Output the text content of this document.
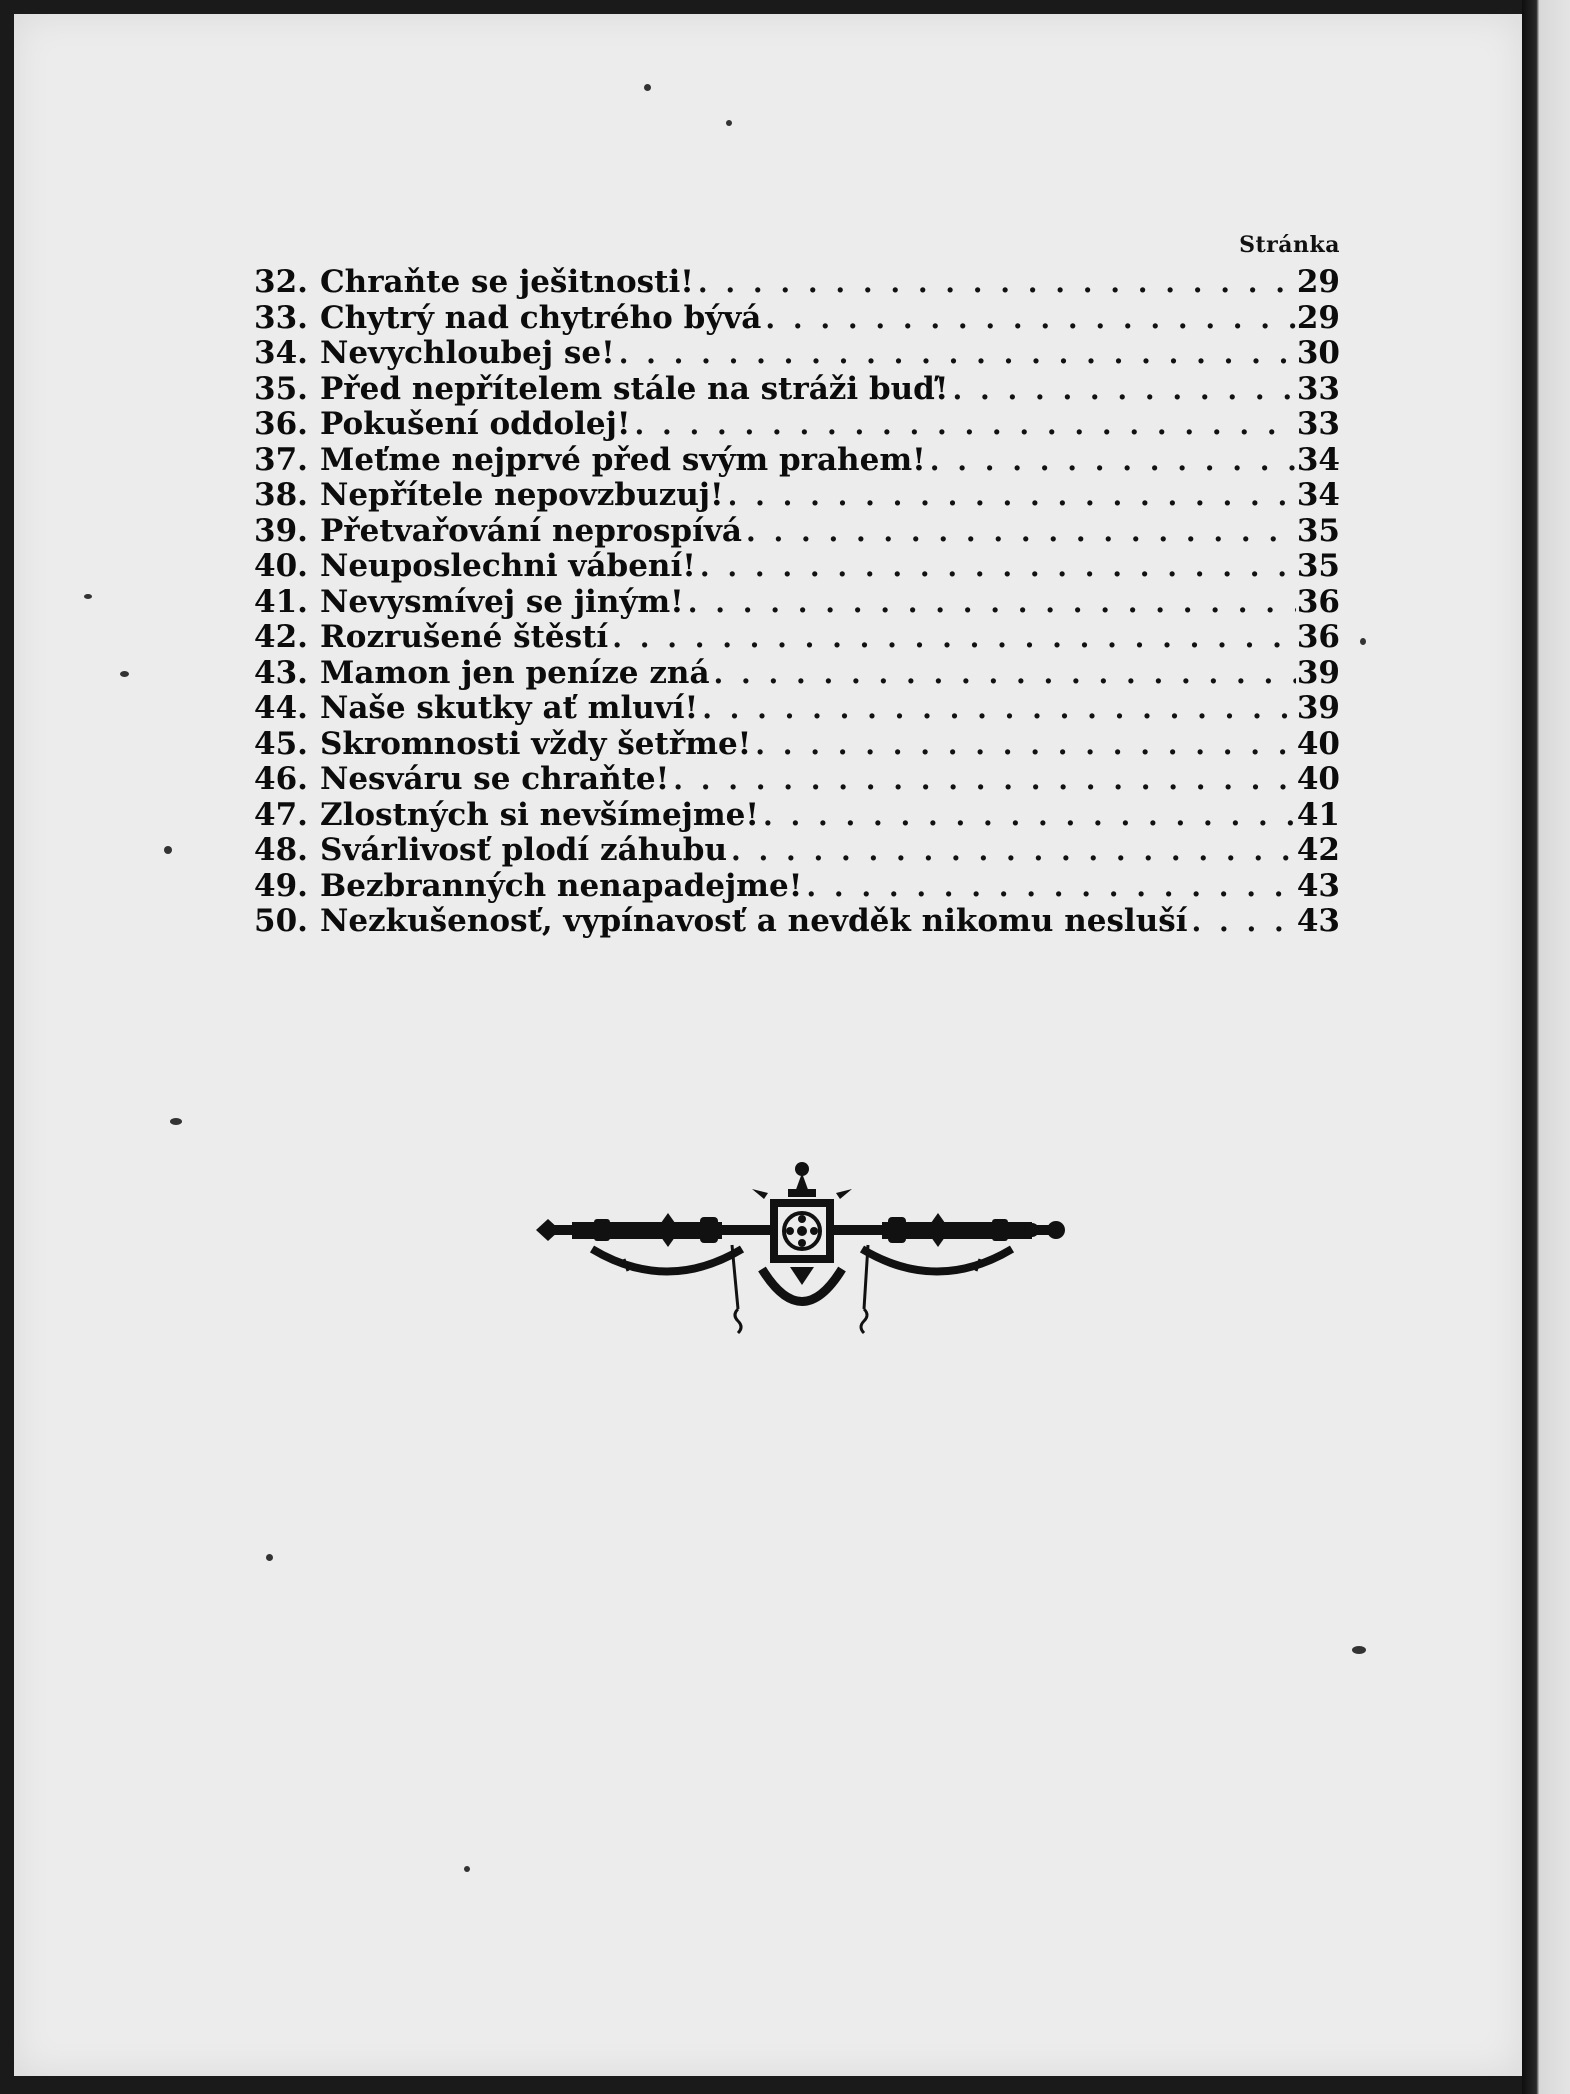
Stránka
32. Chraňte se ješitnosti! . . .	29
33. Chytrý nad chytrého bývá . . .	29
34. Nevychloubej se! . . .	30
35. Před nepřítelem stále na stráži buď! . . .	33
36. Pokušení oddolej! . . .	33
37. Meťme nejprvé před svým prahem! . . .	34
38. Nepřítele nepovzbuzuj! . . .	34
39. Přetvařování neprospívá . . .	35
40. Neuposlechni vábení! . . .	35
41. Nevysmívej se jiným! . . .	36
42. Rozrušené štěstí . . .	36
43. Mamon jen peníze zná . . .	39
44. Naše skutky ať mluví! . . .	39
45. Skromnosti vždy šetřme! . . .	40
46. Nesváru se chraňte! . . .	40
47. Zlostných si nevšímejme! . . .	41
48. Svárlivosť plodí záhubu . . .	42
49. Bezbranných nenapadejme! . . .	43
50. Nezkušenosť, vypínavosť a nevděk nikomu nesluší . . .	43
